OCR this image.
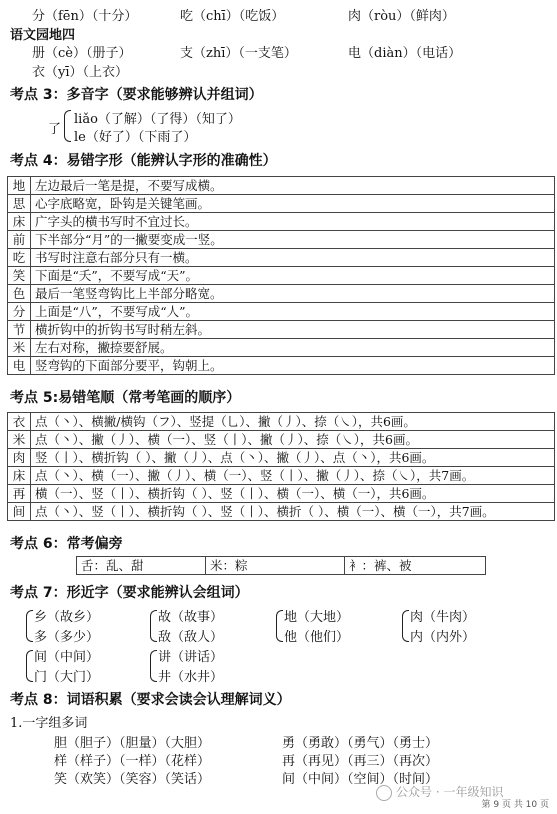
分（fēn）（十分）	吃（chī）（吃饭）	肉（ròu）（鲜肉）
语文园地四
册（cè）（册子）	支（zhī）（一支笔）	电（diàn）（电话）
衣（yī）（上衣）
考点 3：多音字（要求能够辨认并组词）
了
liǎo（了解）（了得）（知了）
le（好了）（下雨了）
考点 4：易错字形（能辨认字形的准确性）
地	左边最后一笔是提，不要写成横。
思	心字底略宽，卧钩是关键笔画。
床	广字头的横书写时不宜过长。
前	下半部分“月”的一撇要变成一竖。
吃	书写时注意右部分只有一横。
笑	下面是“夭”，不要写成“天”。
色	最后一笔竖弯钩比上半部分略宽。
分	上面是“八”，不要写成“人”。
节	横折钩中的折钩书写时稍左斜。
米	左右对称，撇捺要舒展。
电	竖弯钩的下面部分要平，钩朝上。
考点 5:易错笔顺（常考笔画的顺序）
衣	点（丶）、横撇/横钩（フ）、竖提（乚）、撇（丿）、捺（㇏），共6画。
米	点（丶）、撇（丿）、横（一）、竖（丨）、撇（丿）、捺（㇏），共6画。
肉	竖（丨）、横折钩（ ）、撇（丿）、点（丶）、撇（丿）、点（丶），共6画。
床	点（丶）、横（一）、撇（丿）、横（一）、竖（丨）、撇（丿）、捺（㇏），共7画。
再	横（一）、竖（丨）、横折钩（ ）、竖（丨）、横（一）、横（一），共6画。
间	点（丶）、竖（丨）、横折钩（ ）、竖（丨）、横折（ ）、横（一）、横（一），共7画。
考点 6：常考偏旁
舌：乱、甜	米：粽	衤：裤、被
考点 7：形近字（要求能辨认会组词）
乡（故乡）
多（多少）
故（故事）
敌（敌人）
地（大地）
他（他们）
肉（牛肉）
内（内外）
间（中间）
门（大门）
讲（讲话）
井（水井）
考点 8：词语积累（要求会读会认理解词义）
1.一字组多词
胆（胆子）（胆量）（大胆）	勇（勇敢）（勇气）（勇士）
样（样子）（一样）（花样）	再（再见）（再三）（再次）
笑（欢笑）（笑容）（笑话）	间（中间）（空间）（时间）
公众号 · 一年级知识
第 9 页 共 10 页
